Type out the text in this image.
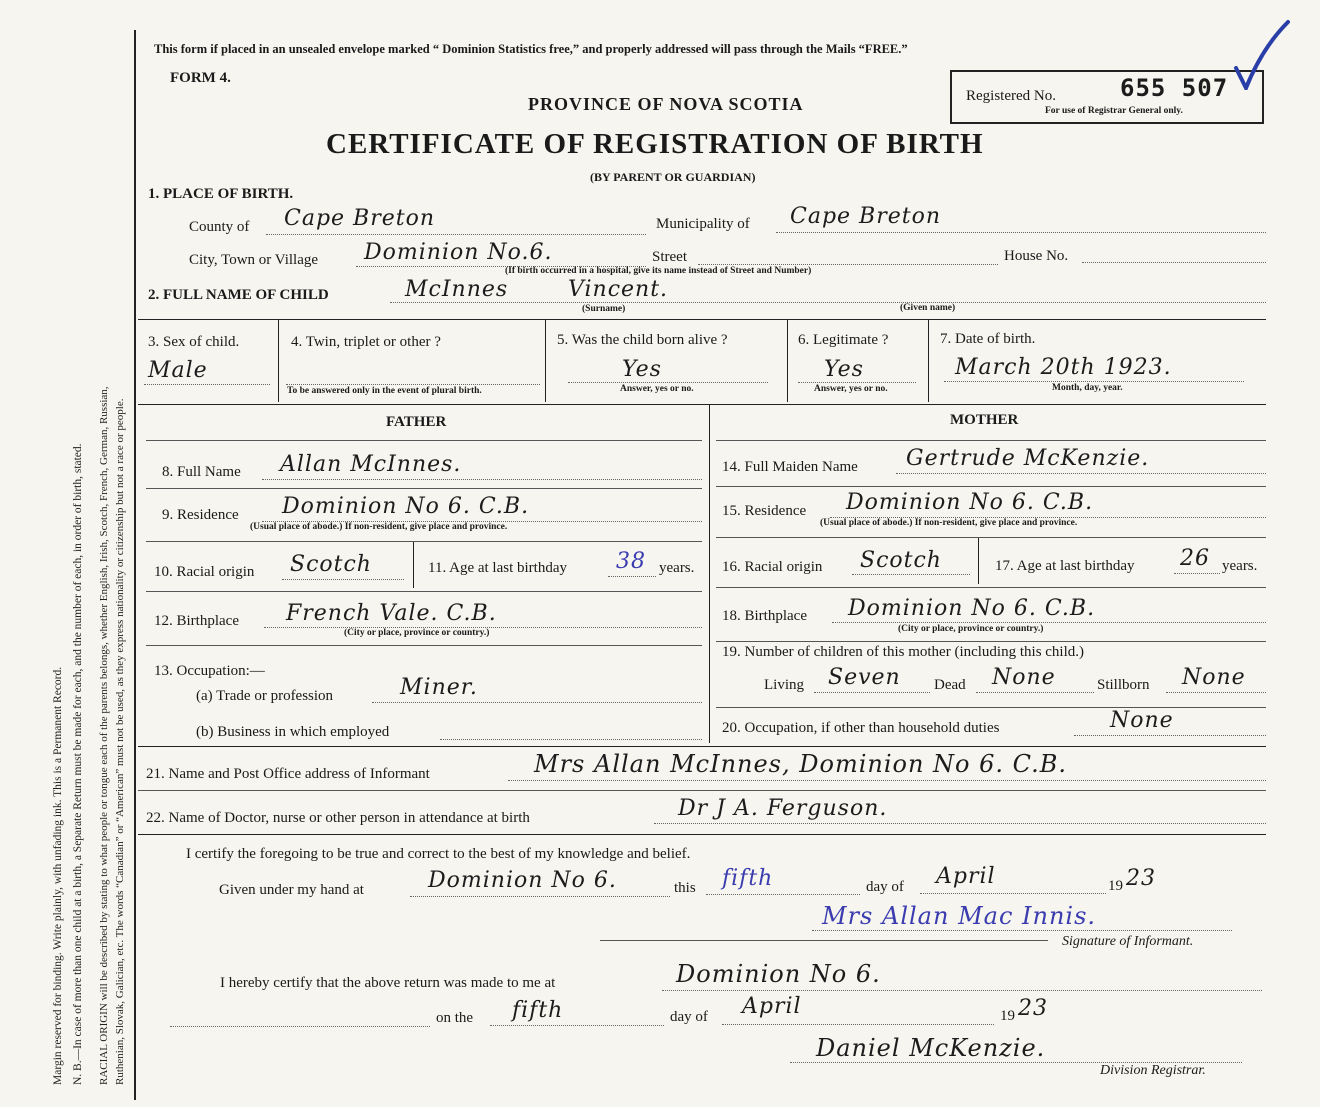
Margin reserved for binding. Write plainly, with unfading ink. This is a Permanent Record. N. B.—In case of more than one child at a birth, a Separate Return must be made for each, and the number of each, in order of birth, stated. RACIAL ORIGIN will be described by stating to what people or tongue each of the parents belongs, whether English, Irish, Scotch, French, German, Russian, Ruthenian, Slovak, Galician, etc. The words “Canadian” or “American” must not be used, as they express nationality or citizenship but not a race or people.
This form if placed in an unsealed envelope marked “ Dominion Statistics free,” and properly addressed will pass through the Mails “FREE.”
FORM 4.
PROVINCE OF NOVA SCOTIA
CERTIFICATE OF REGISTRATION OF BIRTH
(BY PARENT OR GUARDIAN)
Registered No.	655 507
For use of Registrar General only.
1. PLACE OF BIRTH.
County of Cape Breton	Municipality of Cape Breton
City, Town or Village Dominion No.6.	Street	House No.
(If birth occurred in a hospital, give its name instead of Street and Number)
2. FULL NAME OF CHILD	McInnes	Vincent.
(Surname)	(Given name)
3. Sex of child.
Male
4. Twin, triplet or other ?
To be answered only in the event of plural birth.
5. Was the child born alive ?
Yes
Answer, yes or no.
6. Legitimate ?
Yes
Answer, yes or no.
7. Date of birth.
March 20th 1923.
Month, day, year.
FATHER	MOTHER
8. Full Name Allan McInnes.
9. Residence Dominion No 6. C.B.
(Usual place of abode.) If non-resident, give place and province.
10. Racial origin Scotch	11. Age at last birthday 38 years.
12. Birthplace French Vale. C.B.
(City or place, province or country.)
13. Occupation:—
(a) Trade or profession	Miner.
(b) Business in which employed
14. Full Maiden Name Gertrude McKenzie.
15. Residence Dominion No 6. C.B.
(Usual place of abode.) If non-resident, give place and province.
16. Racial origin Scotch	17. Age at last birthday 26 years.
18. Birthplace Dominion No 6. C.B.
(City or place, province or country.)
19. Number of children of this mother (including this child.)
Living Seven Dead None	Stillborn None
20. Occupation, if other than household duties	None
21. Name and Post Office address of Informant	Mrs Allan McInnes, Dominion No 6. C.B.
22. Name of Doctor, nurse or other person in attendance at birth	Dr J A. Ferguson.
I certify the foregoing to be true and correct to the best of my knowledge and belief.
Given under my hand at	Dominion No 6.	this fifth	day of April	19 23
Mrs Allan Mac Innis.
Signature of Informant.
I hereby certify that the above return was made to me at	Dominion No 6.
on the fifth	day of April	19 23
Daniel McKenzie.
Division Registrar.
